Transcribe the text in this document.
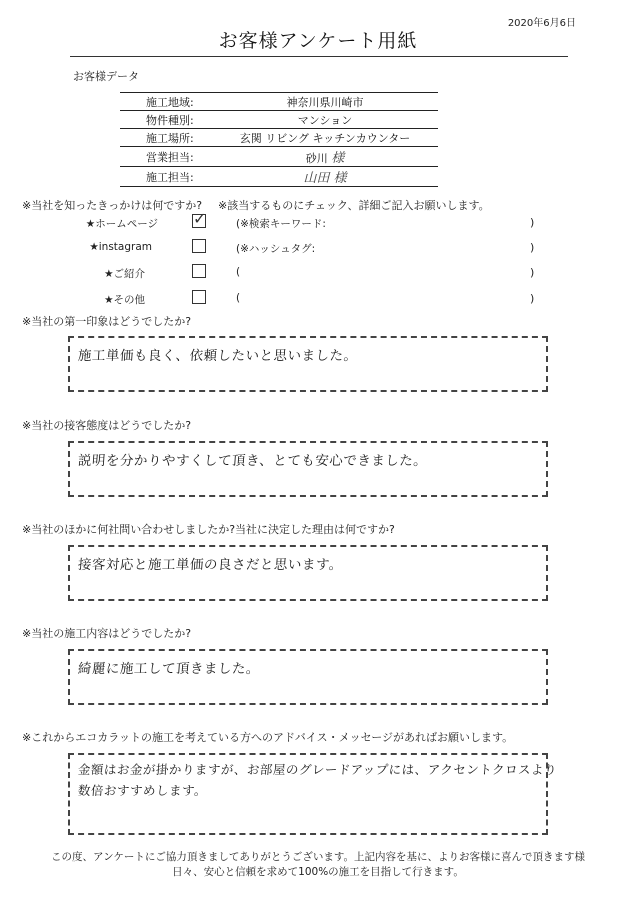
2020年6月6日
お客様アンケート用紙
お客様データ
施工地域:	神奈川県川崎市
物件種別:	マンション
施工場所:	玄関 リビング キッチンカウンター
営業担当:	砂川 様
施工担当:	山田 様
※当社を知ったきっかけは何ですか? ※該当するものにチェック、詳細ご記入お願いします。
★ホームページ ✓	(※検索キーワード:	)
★instagram	(※ハッシュタグ:	)
★ご紹介	(	)
★その他	(	)
※当社の第一印象はどうでしたか?
施工単価も良く、依頼したいと思いました。
※当社の接客態度はどうでしたか?
説明を分かりやすくして頂き、とても安心できました。
※当社のほかに何社問い合わせしましたか?当社に決定した理由は何ですか?
接客対応と施工単価の良さだと思います。
※当社の施工内容はどうでしたか?
綺麗に施工して頂きました。
※これからエコカラットの施工を考えている方へのアドバイス・メッセージがあればお願いします。
金額はお金が掛かりますが、お部屋のグレードアップには、アクセントクロスより
数倍おすすめします。
この度、アンケートにご協力頂きましてありがとうございます。上記内容を基に、よりお客様に喜んで頂きます様
日々、安心と信頼を求めて100%の施工を目指して行きます。
